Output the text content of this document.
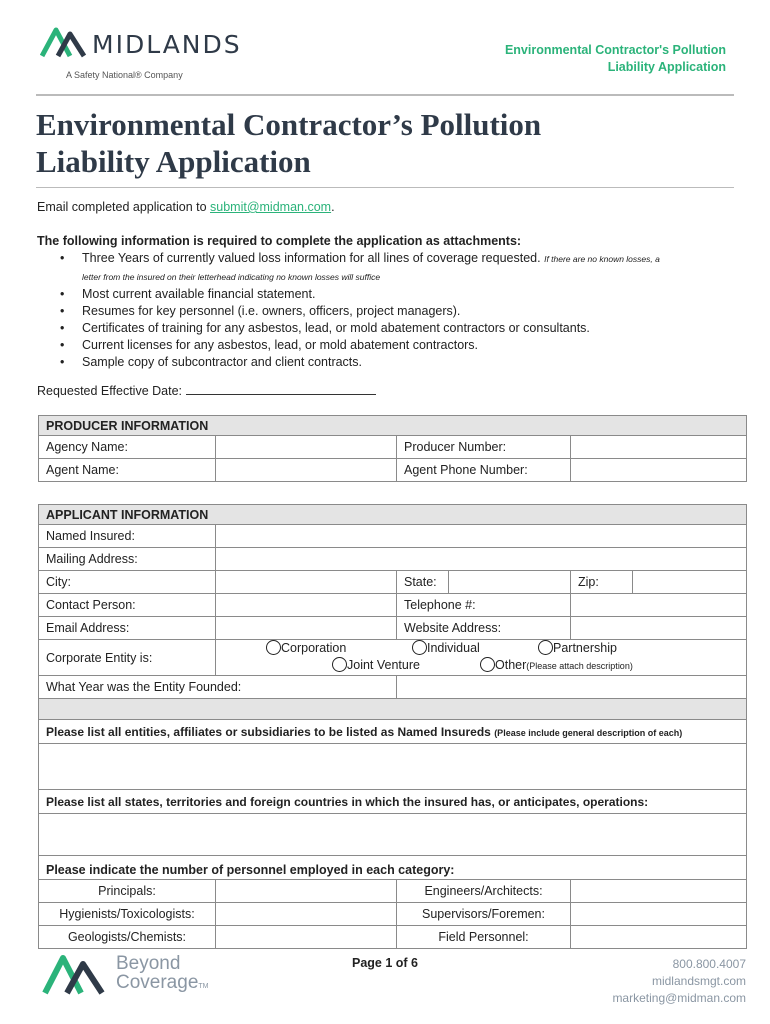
MIDLANDS
A Safety National® Company
Environmental Contractor's Pollution
Liability Application
Environmental Contractor’s Pollution
Liability Application
Email completed application to submit@midman.com.
The following information is required to complete the application as attachments:
• Three Years of currently valued loss information for all lines of coverage requested. If there are no known losses, a
letter from the insured on their letterhead indicating no known losses will suffice
• Most current available financial statement.
• Resumes for key personnel (i.e. owners, officers, project managers).
• Certificates of training for any asbestos, lead, or mold abatement contractors or consultants.
• Current licenses for any asbestos, lead, or mold abatement contractors.
• Sample copy of subcontractor and client contracts.
Requested Effective Date:
PRODUCER INFORMATION			
Agency Name:		Producer Number:	
Agent Name:		Agent Phone Number:	
APPLICANT INFORMATION					
Named Insured:					
Mailing Address:					
City:		State:		Zip:	
Contact Person:		Telephone #:			
Email Address:		Website Address:			
Corporate Entity is:	Corporation Individual Partnership
Joint Venture Other(Please attach description)				

What Year was the Entity Founded:					

Please list all entities, affiliates or subsidiaries to be listed as Named Insureds (Please include general description of each)					

Please list all states, territories and foreign countries in which the insured has, or anticipates, operations:					

Please indicate the number of personnel employed in each category:					
Principals:		Engineers/Architects:			
Hygienists/Toxicologists:		Supervisors/Foremen:			
Geologists/Chemists:		Field Personnel:			
Beyond
CoverageTM
Page 1 of 6	800.800.4007
midlandsmgt.com
marketing@midman.com
